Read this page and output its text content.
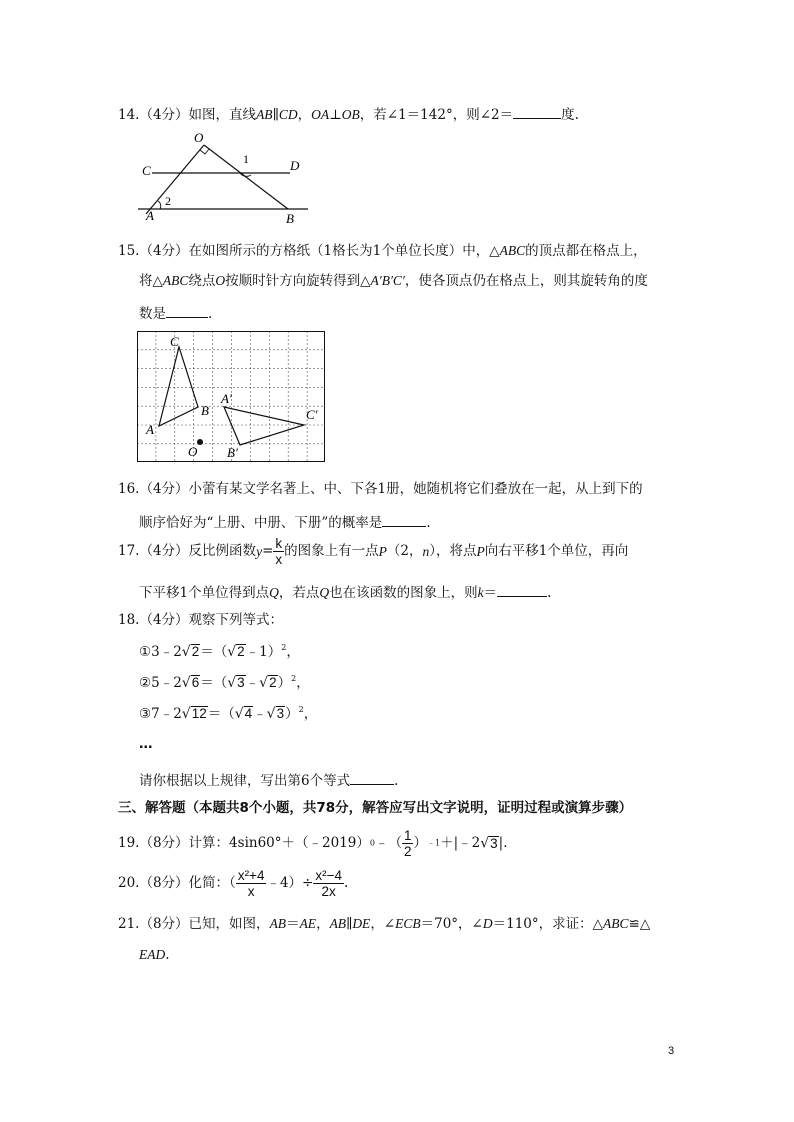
14.（4分）如图，直线AB∥CD，OA⊥OB，若∠1＝142°，则∠2＝	度.
O
C	D
A	B
1
2
15.（4分）在如图所示的方格纸（1格长为1个单位长度）中，△ABC的顶点都在格点上，
将△ABC绕点O按顺时针方向旋转得到△A′B′C′，使各顶点仍在格点上，则其旋转角的度
数是	.
C
A
B
O
A′
B′
C′
16.（4分）小蕾有某文学名著上、中、下各1册，她随机将它们叠放在一起，从上到下的
顺序恰好为“上册、中册、下册”的概率是	.
17.（4分）反比例函数$y= \frac{k}{x}$ 的图象上有一点P（2，n），将点P向右平移1个单位，再向
下平移1个单位得到点Q，若点Q也在该函数的图象上，则k＝	.
18.（4分）观察下列等式：
①3﹣2√2＝（√2﹣1）$^2$，
②5﹣2√6＝（√3﹣√2）$^2$，
③7﹣2√12＝（√4﹣√3）$^2$，
…
请你根据以上规律，写出第6个等式	.
三、解答题（本题共8个小题，共78分，解答应写出文字说明，证明过程或演算步骤）
19.（8分）计算：4sin60°＋（﹣2019）0﹣（ $\frac{1}{2}$ ）﹣1＋|﹣2√3|.
20.（8分）化简：（ $\frac{\text{x²+4}}{x}$ ﹣4）÷ $\frac{\text{x²−4}}{2x}$ .
21.（8分）已知，如图，AB＝AE，AB∥DE，∠ECB＝70°，∠D＝110°，求证：△ABC≌△
EAD.
3
